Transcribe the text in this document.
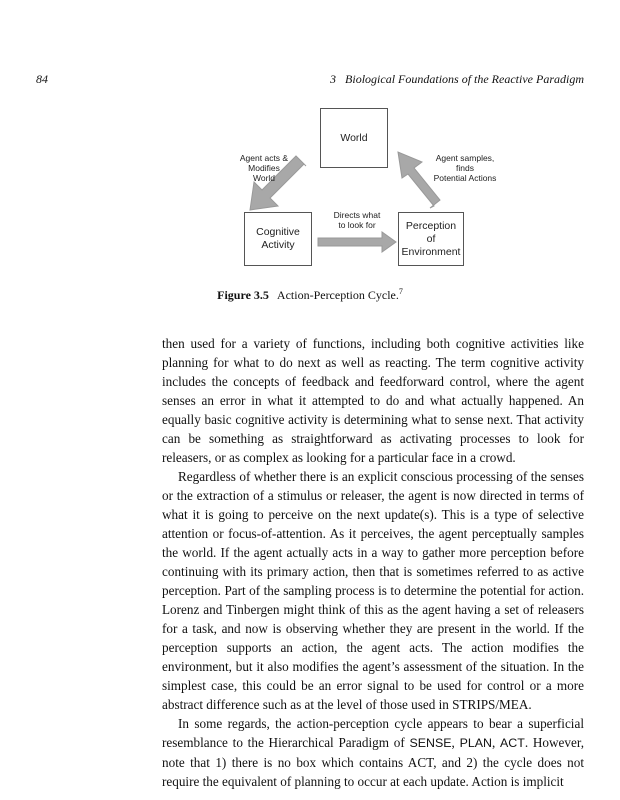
84	3   Biological Foundations of the Reactive Paradigm
World
Cognitive
Activity
Perception
of
Environment
Agent acts &
Modifies
World
Agent samples,
finds
Potential Actions
Directs what
to look for
Figure 3.5 Action-Perception Cycle.$^7$

then used for a variety of functions, including both cognitive activities like planning for what to do next as well as reacting. The term cognitive activity includes the concepts of feedback and feedforward control, where the agent senses an error in what it attempted to do and what actually happened. An equally basic cognitive activity is determining what to sense next. That activity can be something as straightforward as activating processes to look for releasers, or as complex as looking for a particular face in a crowd.

Regardless of whether there is an explicit conscious processing of the senses or the extraction of a stimulus or releaser, the agent is now directed in terms of what it is going to perceive on the next update(s). This is a type of selective attention or focus-of-attention. As it perceives, the agent perceptually samples the world. If the agent actually acts in a way to gather more perception before continuing with its primary action, then that is sometimes referred to as active perception. Part of the sampling process is to determine the potential for action. Lorenz and Tinbergen might think of this as the agent having a set of releasers for a task, and now is observing whether they are present in the world. If the perception supports an action, the agent acts. The action modifies the environment, but it also modifies the agent’s assessment of the situation. In the simplest case, this could be an error signal to be used for control or a more abstract difference such as at the level of those used in STRIPS/MEA.

In some regards, the action-perception cycle appears to bear a superficial resemblance to the Hierarchical Paradigm of SENSE, PLAN, ACT. However, note that 1) there is no box which contains ACT, and 2) the cycle does not require the equivalent of planning to occur at each update. Action is implicit
